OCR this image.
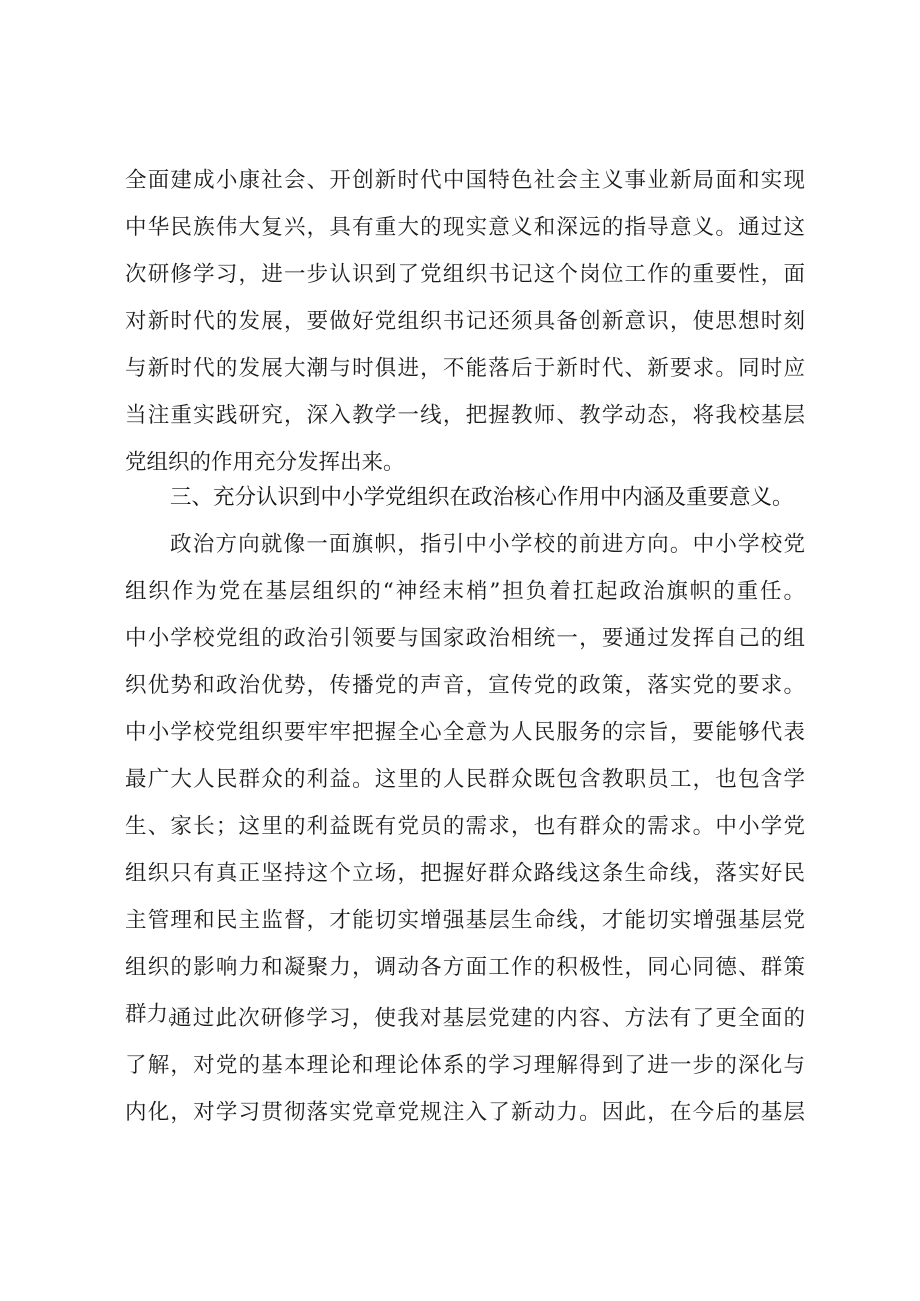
全面建成小康社会、开创新时代中国特色社会主义事业新局面和实现
中华民族伟大复兴，具有重大的现实意义和深远的指导意义。通过这
次研修学习，进一步认识到了党组织书记这个岗位工作的重要性，面
对新时代的发展，要做好党组织书记还须具备创新意识，使思想时刻
与新时代的发展大潮与时俱进，不能落后于新时代、新要求。同时应
当注重实践研究，深入教学一线，把握教师、教学动态，将我校基层
党组织的作用充分发挥出来。
三、充分认识到中小学党组织在政治核心作用中内涵及重要意义。
政治方向就像一面旗帜，指引中小学校的前进方向。中小学校党
组织作为党在基层组织的“神经末梢”担负着扛起政治旗帜的重任。
中小学校党组的政治引领要与国家政治相统一，要通过发挥自己的组
织优势和政治优势，传播党的声音，宣传党的政策，落实党的要求。
中小学校党组织要牢牢把握全心全意为人民服务的宗旨，要能够代表
最广大人民群众的利益。这里的人民群众既包含教职员工，也包含学
生、家长；这里的利益既有党员的需求，也有群众的需求。中小学党
组织只有真正坚持这个立场，把握好群众路线这条生命线，落实好民
主管理和民主监督，才能切实增强基层生命线，才能切实增强基层党
组织的影响力和凝聚力，调动各方面工作的积极性，同心同德、群策
群力。
通过此次研修学习，使我对基层党建的内容、方法有了更全面的
了解，对党的基本理论和理论体系的学习理解得到了进一步的深化与
内化，对学习贯彻落实党章党规注入了新动力。因此，在今后的基层
